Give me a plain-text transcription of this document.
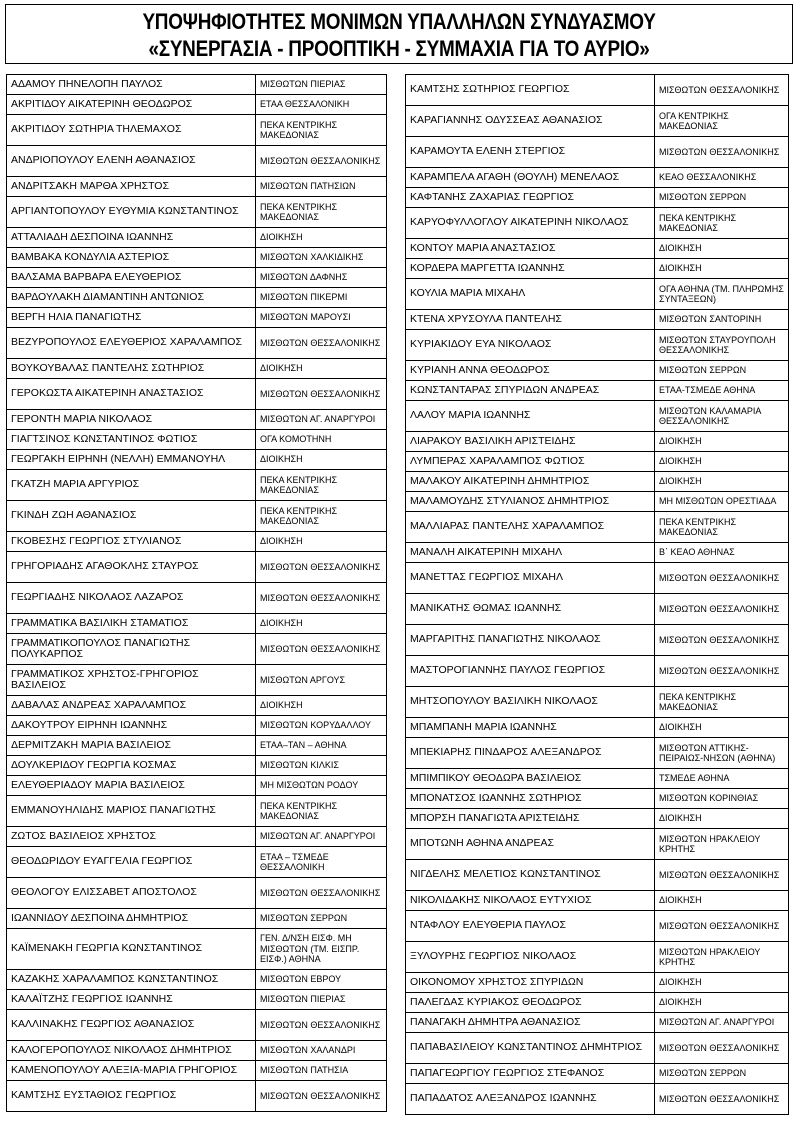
ΥΠΟΨΗΦΙΟΤΗΤΕΣ ΜΟΝΙΜΩΝ ΥΠΑΛΛΗΛΩΝ ΣΥΝΔΥΑΣΜΟΥ
«ΣΥΝΕΡΓΑΣΙΑ - ΠΡΟΟΠΤΙΚΗ - ΣΥΜΜΑΧΙΑ ΓΙΑ ΤΟ ΑΥΡΙΟ»
ΑΔΑΜΟΥ ΠΗΝΕΛΟΠΗ ΠΑΥΛΟΣ	ΜΙΣΘΩΤΩΝ ΠΙΕΡΙΑΣ
ΑΚΡΙΤΙΔΟΥ ΑΙΚΑΤΕΡΙΝΗ ΘΕΟΔΩΡΟΣ	ΕΤΑΑ ΘΕΣΣΑΛΟΝΙΚΗ
ΑΚΡΙΤΙΔΟΥ ΣΩΤΗΡΙΑ ΤΗΛΕΜΑΧΟΣ	ΠΕΚΑ ΚΕΝΤΡΙΚΗΣ ΜΑΚΕΔΟΝΙΑΣ
ΑΝΔΡΙΟΠΟΥΛΟΥ ΕΛΕΝΗ ΑΘΑΝΑΣΙΟΣ	ΜΙΣΘΩΤΩΝ ΘΕΣΣΑΛΟΝΙΚΗΣ
ΑΝΔΡΙΤΣΑΚΗ ΜΑΡΘΑ ΧΡΗΣΤΟΣ	ΜΙΣΘΩΤΩΝ ΠΑΤΗΣΙΩΝ
ΑΡΓΙΑΝΤΟΠΟΥΛΟΥ ΕΥΘΥΜΙΑ ΚΩΝΣΤΑΝΤΙΝΟΣ	ΠΕΚΑ ΚΕΝΤΡΙΚΗΣ ΜΑΚΕΔΟΝΙΑΣ
ΑΤΤΑΛΙΑΔΗ ΔΕΣΠΟΙΝΑ ΙΩΑΝΝΗΣ	ΔΙΟΙΚΗΣΗ
ΒΑΜΒΑΚΑ ΚΟΝΔΥΛΙΑ ΑΣΤΕΡΙΟΣ	ΜΙΣΘΩΤΩΝ ΧΑΛΚΙΔΙΚΗΣ
ΒΑΛΣΑΜΑ ΒΑΡΒΑΡΑ ΕΛΕΥΘΕΡΙΟΣ	ΜΙΣΘΩΤΩΝ ΔΑΦΝΗΣ
ΒΑΡΔΟΥΛΑΚΗ ΔΙΑΜΑΝΤΙΝΗ ΑΝΤΩΝΙΟΣ	ΜΙΣΘΩΤΩΝ ΠΙΚΕΡΜΙ
ΒΕΡΓΗ ΗΛΙΑ ΠΑΝΑΓΙΩΤΗΣ	ΜΙΣΘΩΤΩΝ ΜΑΡΟΥΣΙ
ΒΕΖΥΡΟΠΟΥΛΟΣ ΕΛΕΥΘΕΡΙΟΣ ΧΑΡΑΛΑΜΠΟΣ	ΜΙΣΘΩΤΩΝ ΘΕΣΣΑΛΟΝΙΚΗΣ
ΒΟΥΚΟΥΒΑΛΑΣ ΠΑΝΤΕΛΗΣ ΣΩΤΗΡΙΟΣ	ΔΙΟΙΚΗΣΗ
ΓΕΡΟΚΩΣΤΑ ΑΙΚΑΤΕΡΙΝΗ ΑΝΑΣΤΑΣΙΟΣ	ΜΙΣΘΩΤΩΝ ΘΕΣΣΑΛΟΝΙΚΗΣ
ΓΕΡΟΝΤΗ ΜΑΡΙΑ ΝΙΚΟΛΑΟΣ	ΜΙΣΘΩΤΩΝ ΑΓ. ΑΝΑΡΓΥΡΟΙ
ΓΙΑΓΤΣΙΝΟΣ ΚΩΝΣΤΑΝΤΙΝΟΣ ΦΩΤΙΟΣ	ΟΓΑ ΚΟΜΟΤΗΝΗ
ΓΕΩΡΓΑΚΗ ΕΙΡΗΝΗ (ΝΕΛΛΗ) ΕΜΜΑΝΟΥΗΛ	ΔΙΟΙΚΗΣΗ
ΓΚΑΤΖΗ ΜΑΡΙΑ ΑΡΓΥΡΙΟΣ	ΠΕΚΑ ΚΕΝΤΡΙΚΗΣ ΜΑΚΕΔΟΝΙΑΣ
ΓΚΙΝΔΗ ΖΩΗ ΑΘΑΝΑΣΙΟΣ	ΠΕΚΑ ΚΕΝΤΡΙΚΗΣ ΜΑΚΕΔΟΝΙΑΣ
ΓΚΟΒΕΣΗΣ ΓΕΩΡΓΙΟΣ ΣΤΥΛΙΑΝΟΣ	ΔΙΟΙΚΗΣΗ
ΓΡΗΓΟΡΙΑΔΗΣ ΑΓΑΘΟΚΛΗΣ ΣΤΑΥΡΟΣ	ΜΙΣΘΩΤΩΝ ΘΕΣΣΑΛΟΝΙΚΗΣ
ΓΕΩΡΓΙΑΔΗΣ ΝΙΚΟΛΑΟΣ ΛΑΖΑΡΟΣ	ΜΙΣΘΩΤΩΝ ΘΕΣΣΑΛΟΝΙΚΗΣ
ΓΡΑΜΜΑΤΙΚΑ ΒΑΣΙΛΙΚΗ ΣΤΑΜΑΤΙΟΣ	ΔΙΟΙΚΗΣΗ
ΓΡΑΜΜΑΤΙΚΟΠΟΥΛΟΣ ΠΑΝΑΓΙΩΤΗΣ ΠΟΛΥΚΑΡΠΟΣ	ΜΙΣΘΩΤΩΝ ΘΕΣΣΑΛΟΝΙΚΗΣ
ΓΡΑΜΜΑΤΙΚΟΣ ΧΡΗΣΤΟΣ-ΓΡΗΓΟΡΙΟΣ ΒΑΣΙΛΕΙΟΣ	ΜΙΣΘΩΤΩΝ ΑΡΓΟΥΣ
ΔΑΒΑΛΑΣ ΑΝΔΡΕΑΣ ΧΑΡΑΛΑΜΠΟΣ	ΔΙΟΙΚΗΣΗ
ΔΑΚΟΥΤΡΟΥ ΕΙΡΗΝΗ ΙΩΑΝΝΗΣ	ΜΙΣΘΩΤΩΝ ΚΟΡΥΔΑΛΛΟΥ
ΔΕΡΜΙΤΖΑΚΗ ΜΑΡΙΑ ΒΑΣΙΛΕΙΟΣ	ΕΤΑΑ–ΤΑΝ – ΑΘΗΝΑ
ΔΟΥΛΚΕΡΙΔΟΥ ΓΕΩΡΓΙΑ ΚΟΣΜΑΣ	ΜΙΣΘΩΤΩΝ ΚΙΛΚΙΣ
ΕΛΕΥΘΕΡΙΑΔΟΥ ΜΑΡΙΑ ΒΑΣΙΛΕΙΟΣ	ΜΗ ΜΙΣΘΩΤΩΝ ΡΟΔΟΥ
ΕΜΜΑΝΟΥΗΛΙΔΗΣ ΜΑΡΙΟΣ ΠΑΝΑΓΙΩΤΗΣ	ΠΕΚΑ ΚΕΝΤΡΙΚΗΣ ΜΑΚΕΔΟΝΙΑΣ
ΖΩΤΟΣ ΒΑΣΙΛΕΙΟΣ ΧΡΗΣΤΟΣ	ΜΙΣΘΩΤΩΝ ΑΓ. ΑΝΑΡΓΥΡΟΙ
ΘΕΟΔΩΡΙΔΟΥ ΕΥΑΓΓΕΛΙΑ ΓΕΩΡΓΙΟΣ	ΕΤΑΑ – ΤΣΜΕΔΕ ΘΕΣΣΑΛΟΝΙΚΗ
ΘΕΟΛΟΓΟΥ ΕΛΙΣΣΑΒΕΤ ΑΠΟΣΤΟΛΟΣ	ΜΙΣΘΩΤΩΝ ΘΕΣΣΑΛΟΝΙΚΗΣ
ΙΩΑΝΝΙΔΟΥ ΔΕΣΠΟΙΝΑ ΔΗΜΗΤΡΙΟΣ	ΜΙΣΘΩΤΩΝ ΣΕΡΡΩΝ
ΚΑΪΜΕΝΑΚΗ ΓΕΩΡΓΙΑ ΚΩΝΣΤΑΝΤΙΝΟΣ	ΓΕΝ. Δ/ΝΣΗ ΕΙΣΦ. ΜΗ ΜΙΣΘΩΤΩΝ (ΤΜ. ΕΙΣΠΡ. ΕΙΣΦ.) ΑΘΗΝΑ
ΚΑΖΑΚΗΣ ΧΑΡΑΛΑΜΠΟΣ ΚΩΝΣΤΑΝΤΙΝΟΣ	ΜΙΣΘΩΤΩΝ ΕΒΡΟΥ
ΚΑΛΑΪΤΖΗΣ ΓΕΩΡΓΙΟΣ ΙΩΑΝΝΗΣ	ΜΙΣΘΩΤΩΝ ΠΙΕΡΙΑΣ
ΚΑΛΛΙΝΑΚΗΣ ΓΕΩΡΓΙΟΣ ΑΘΑΝΑΣΙΟΣ	ΜΙΣΘΩΤΩΝ ΘΕΣΣΑΛΟΝΙΚΗΣ
ΚΑΛΟΓΕΡΟΠΟΥΛΟΣ ΝΙΚΟΛΑΟΣ ΔΗΜΗΤΡΙΟΣ	ΜΙΣΘΩΤΩΝ ΧΑΛΑΝΔΡΙ
ΚΑΜΕΝΟΠΟΥΛΟΥ ΑΛΕΞΙΑ-ΜΑΡΙΑ ΓΡΗΓΟΡΙΟΣ	ΜΙΣΘΩΤΩΝ ΠΑΤΗΣΙΑ
ΚΑΜΤΣΗΣ ΕΥΣΤΑΘΙΟΣ ΓΕΩΡΓΙΟΣ	ΜΙΣΘΩΤΩΝ ΘΕΣΣΑΛΟΝΙΚΗΣ
ΚΑΜΤΣΗΣ ΣΩΤΗΡΙΟΣ ΓΕΩΡΓΙΟΣ	ΜΙΣΘΩΤΩΝ ΘΕΣΣΑΛΟΝΙΚΗΣ
ΚΑΡΑΓΙΑΝΝΗΣ ΟΔΥΣΣΕΑΣ ΑΘΑΝΑΣΙΟΣ	ΟΓΑ ΚΕΝΤΡΙΚΗΣ ΜΑΚΕΔΟΝΙΑΣ
ΚΑΡΑΜΟΥΤΑ ΕΛΕΝΗ ΣΤΕΡΓΙΟΣ	ΜΙΣΘΩΤΩΝ ΘΕΣΣΑΛΟΝΙΚΗΣ
ΚΑΡΑΜΠΕΛΑ ΑΓΑΘΗ (ΘΟΥΛΗ) ΜΕΝΕΛΑΟΣ	ΚΕΑΟ ΘΕΣΣΑΛΟΝΙΚΗΣ
ΚΑΦΤΑΝΗΣ ΖΑΧΑΡΙΑΣ ΓΕΩΡΓΙΟΣ	ΜΙΣΘΩΤΩΝ ΣΕΡΡΩΝ
ΚΑΡΥΟΦΥΛΛΟΓΛΟΥ ΑΙΚΑΤΕΡΙΝΗ ΝΙΚΟΛΑΟΣ	ΠΕΚΑ ΚΕΝΤΡΙΚΗΣ ΜΑΚΕΔΟΝΙΑΣ
ΚΟΝΤΟΥ ΜΑΡΙΑ ΑΝΑΣΤΑΣΙΟΣ	ΔΙΟΙΚΗΣΗ
ΚΟΡΔΕΡΑ ΜΑΡΓΕΤΤΑ ΙΩΑΝΝΗΣ	ΔΙΟΙΚΗΣΗ
ΚΟΥΛΙΑ ΜΑΡΙΑ ΜΙΧΑΗΛ	ΟΓΑ ΑΘΗΝΑ (ΤΜ. ΠΛΗΡΩΜΗΣ ΣΥΝΤΑΞΕΩΝ)
ΚΤΕΝΑ ΧΡΥΣΟΥΛΑ ΠΑΝΤΕΛΗΣ	ΜΙΣΘΩΤΩΝ ΣΑΝΤΟΡΙΝΗ
ΚΥΡΙΑΚΙΔΟΥ ΕΥΑ ΝΙΚΟΛΑΟΣ	ΜΙΣΘΩΤΩΝ ΣΤΑΥΡΟΥΠΟΛΗ ΘΕΣΣΑΛΟΝΙΚΗΣ
ΚΥΡΙΑΝΗ ΑΝΝΑ ΘΕΟΔΩΡΟΣ	ΜΙΣΘΩΤΩΝ ΣΕΡΡΩΝ
ΚΩΝΣΤΑΝΤΑΡΑΣ ΣΠΥΡΙΔΩΝ ΑΝΔΡΕΑΣ	ΕΤΑΑ-ΤΣΜΕΔΕ ΑΘΗΝΑ
ΛΑΛΟΥ ΜΑΡΙΑ ΙΩΑΝΝΗΣ	ΜΙΣΘΩΤΩΝ ΚΑΛΑΜΑΡΙΑ ΘΕΣΣΑΛΟΝΙΚΗΣ
ΛΙΑΡΑΚΟΥ ΒΑΣΙΛΙΚΗ ΑΡΙΣΤΕΙΔΗΣ	ΔΙΟΙΚΗΣΗ
ΛΥΜΠΕΡΑΣ ΧΑΡΑΛΑΜΠΟΣ ΦΩΤΙΟΣ	ΔΙΟΙΚΗΣΗ
ΜΑΛΑΚΟΥ ΑΙΚΑΤΕΡΙΝΗ ΔΗΜΗΤΡΙΟΣ	ΔΙΟΙΚΗΣΗ
ΜΑΛΑΜΟΥΔΗΣ ΣΤΥΛΙΑΝΟΣ ΔΗΜΗΤΡΙΟΣ	ΜΗ ΜΙΣΘΩΤΩΝ ΟΡΕΣΤΙΑΔΑ
ΜΑΛΛΙΑΡΑΣ ΠΑΝΤΕΛΗΣ ΧΑΡΑΛΑΜΠΟΣ	ΠΕΚΑ ΚΕΝΤΡΙΚΗΣ ΜΑΚΕΔΟΝΙΑΣ
ΜΑΝΑΛΗ ΑΙΚΑΤΕΡΙΝΗ ΜΙΧΑΗΛ	Β΄ ΚΕΑΟ ΑΘΗΝΑΣ
ΜΑΝΕΤΤΑΣ ΓΕΩΡΓΙΟΣ ΜΙΧΑΗΛ	ΜΙΣΘΩΤΩΝ ΘΕΣΣΑΛΟΝΙΚΗΣ
ΜΑΝΙΚΑΤΗΣ ΘΩΜΑΣ ΙΩΑΝΝΗΣ	ΜΙΣΘΩΤΩΝ ΘΕΣΣΑΛΟΝΙΚΗΣ
ΜΑΡΓΑΡΙΤΗΣ ΠΑΝΑΓΙΩΤΗΣ ΝΙΚΟΛΑΟΣ	ΜΙΣΘΩΤΩΝ ΘΕΣΣΑΛΟΝΙΚΗΣ
ΜΑΣΤΟΡΟΓΙΑΝΝΗΣ ΠΑΥΛΟΣ ΓΕΩΡΓΙΟΣ	ΜΙΣΘΩΤΩΝ ΘΕΣΣΑΛΟΝΙΚΗΣ
ΜΗΤΣΟΠΟΥΛΟΥ ΒΑΣΙΛΙΚΗ ΝΙΚΟΛΑΟΣ	ΠΕΚΑ ΚΕΝΤΡΙΚΗΣ ΜΑΚΕΔΟΝΙΑΣ
ΜΠΑΜΠΑΝΗ ΜΑΡΙΑ ΙΩΑΝΝΗΣ	ΔΙΟΙΚΗΣΗ
ΜΠΕΚΙΑΡΗΣ ΠΙΝΔΑΡΟΣ ΑΛΕΞΑΝΔΡΟΣ	ΜΙΣΘΩΤΩΝ ΑΤΤΙΚΗΣ-ΠΕΙΡΑΙΩΣ-ΝΗΣΩΝ (ΑΘΗΝΑ)
ΜΠΙΜΠΙΚΟΥ ΘΕΟΔΩΡΑ ΒΑΣΙΛΕΙΟΣ	ΤΣΜΕΔΕ ΑΘΗΝΑ
ΜΠΟΝΑΤΣΟΣ ΙΩΑΝΝΗΣ ΣΩΤΗΡΙΟΣ	ΜΙΣΘΩΤΩΝ ΚΟΡΙΝΘΙΑΣ
ΜΠΟΡΣΗ ΠΑΝΑΓΙΩΤΑ ΑΡΙΣΤΕΙΔΗΣ	ΔΙΟΙΚΗΣΗ
ΜΠΟΤΩΝΗ ΑΘΗΝΑ ΑΝΔΡΕΑΣ	ΜΙΣΘΩΤΩΝ ΗΡΑΚΛΕΙΟΥ ΚΡΗΤΗΣ
ΝΙΓΔΕΛΗΣ ΜΕΛΕΤΙΟΣ ΚΩΝΣΤΑΝΤΙΝΟΣ	ΜΙΣΘΩΤΩΝ ΘΕΣΣΑΛΟΝΙΚΗΣ
ΝΙΚΟΛΙΔΑΚΗΣ ΝΙΚΟΛΑΟΣ ΕΥΤΥΧΙΟΣ	ΔΙΟΙΚΗΣΗ
ΝΤΑΦΛΟΥ ΕΛΕΥΘΕΡΙΑ ΠΑΥΛΟΣ	ΜΙΣΘΩΤΩΝ ΘΕΣΣΑΛΟΝΙΚΗΣ
ΞΥΛΟΥΡΗΣ ΓΕΩΡΓΙΟΣ ΝΙΚΟΛΑΟΣ	ΜΙΣΘΩΤΩΝ ΗΡΑΚΛΕΙΟΥ ΚΡΗΤΗΣ
ΟΙΚΟΝΟΜΟΥ ΧΡΗΣΤΟΣ ΣΠΥΡΙΔΩΝ	ΔΙΟΙΚΗΣΗ
ΠΑΛΕΓΔΑΣ ΚΥΡΙΑΚΟΣ ΘΕΟΔΩΡΟΣ	ΔΙΟΙΚΗΣΗ
ΠΑΝΑΓΑΚΗ ΔΗΜΗΤΡΑ ΑΘΑΝΑΣΙΟΣ	ΜΙΣΘΩΤΩΝ ΑΓ. ΑΝΑΡΓΥΡΟΙ
ΠΑΠΑΒΑΣΙΛΕΙΟΥ ΚΩΝΣΤΑΝΤΙΝΟΣ ΔΗΜΗΤΡΙΟΣ	ΜΙΣΘΩΤΩΝ ΘΕΣΣΑΛΟΝΙΚΗΣ
ΠΑΠΑΓΕΩΡΓΙΟΥ ΓΕΩΡΓΙΟΣ ΣΤΕΦΑΝΟΣ	ΜΙΣΘΩΤΩΝ ΣΕΡΡΩΝ
ΠΑΠΑΔΑΤΟΣ ΑΛΕΞΑΝΔΡΟΣ ΙΩΑΝΝΗΣ	ΜΙΣΘΩΤΩΝ ΘΕΣΣΑΛΟΝΙΚΗΣ
